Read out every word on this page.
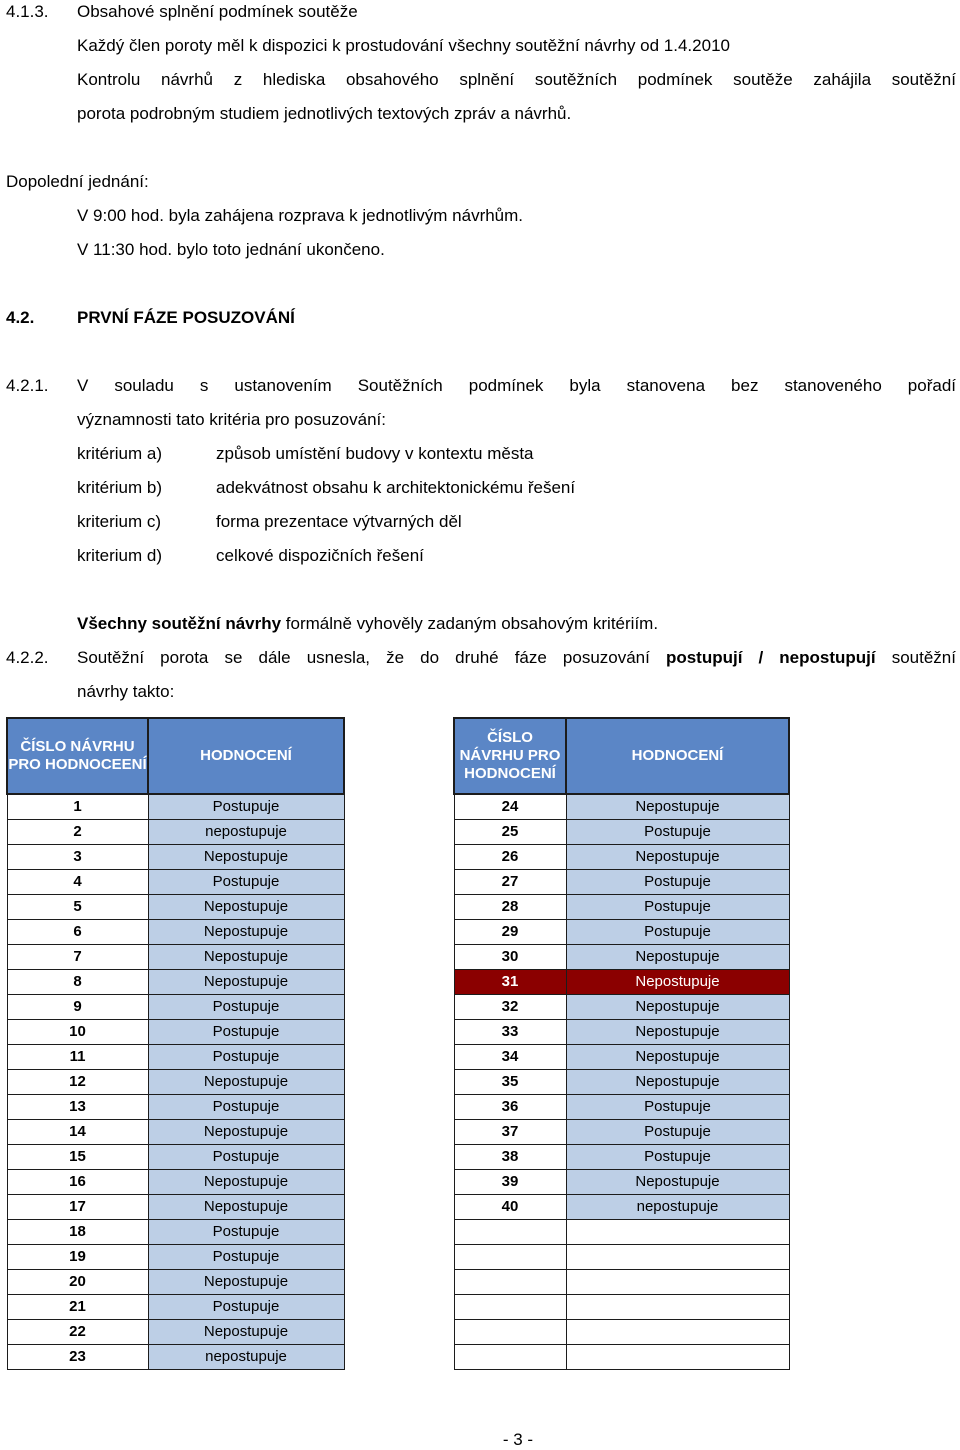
4.1.3. Obsahové splnění podmínek soutěže
Každý člen poroty měl k dispozici k prostudování všechny soutěžní návrhy od 1.4.2010
Kontrolu návrhů z hlediska obsahového splnění soutěžních podmínek soutěže zahájila soutěžní
porota podrobným studiem jednotlivých textových zpráv a návrhů.
Dopolední jednání:
V 9:00 hod. byla zahájena rozprava k jednotlivým návrhům.
V 11:30 hod. bylo toto jednání ukončeno.
4.2.	PRVNÍ FÁZE POSUZOVÁNÍ
4.2.1. V souladu s ustanovením Soutěžních podmínek byla stanovena bez stanoveného pořadí
významnosti tato kritéria pro posuzování:
kritérium a)	způsob umístění budovy v kontextu města
kritérium b)	adekvátnost obsahu k architektonickému řešení
kriterium c)	forma prezentace výtvarných děl
kriterium d)	celkové dispozičních řešení
Všechny soutěžní návrhy formálně vyhověly zadaným obsahovým kritériím.
4.2.2. Soutěžní porota se dále usnesla, že do druhé fáze posuzování postupují / nepostupují soutěžní
návrhy takto:
ČÍSLO NÁVRHU PRO HODNOCEENÍ	HODNOCENÍ
1	Postupuje
2	nepostupuje
3	Nepostupuje
4	Postupuje
5	Nepostupuje
6	Nepostupuje
7	Nepostupuje
8	Nepostupuje
9	Postupuje
10	Postupuje
11	Postupuje
12	Nepostupuje
13	Postupuje
14	Nepostupuje
15	Postupuje
16	Nepostupuje
17	Nepostupuje
18	Postupuje
19	Postupuje
20	Nepostupuje
21	Postupuje
22	Nepostupuje
23	nepostupuje
ČÍSLO NÁVRHU PRO HODNOCENÍ	HODNOCENÍ
24	Nepostupuje
25	Postupuje
26	Nepostupuje
27	Postupuje
28	Postupuje
29	Postupuje
30	Nepostupuje
31	Nepostupuje
32	Nepostupuje
33	Nepostupuje
34	Nepostupuje
35	Nepostupuje
36	Postupuje
37	Postupuje
38	Postupuje
39	Nepostupuje
40	nepostupuje

- 3 -
